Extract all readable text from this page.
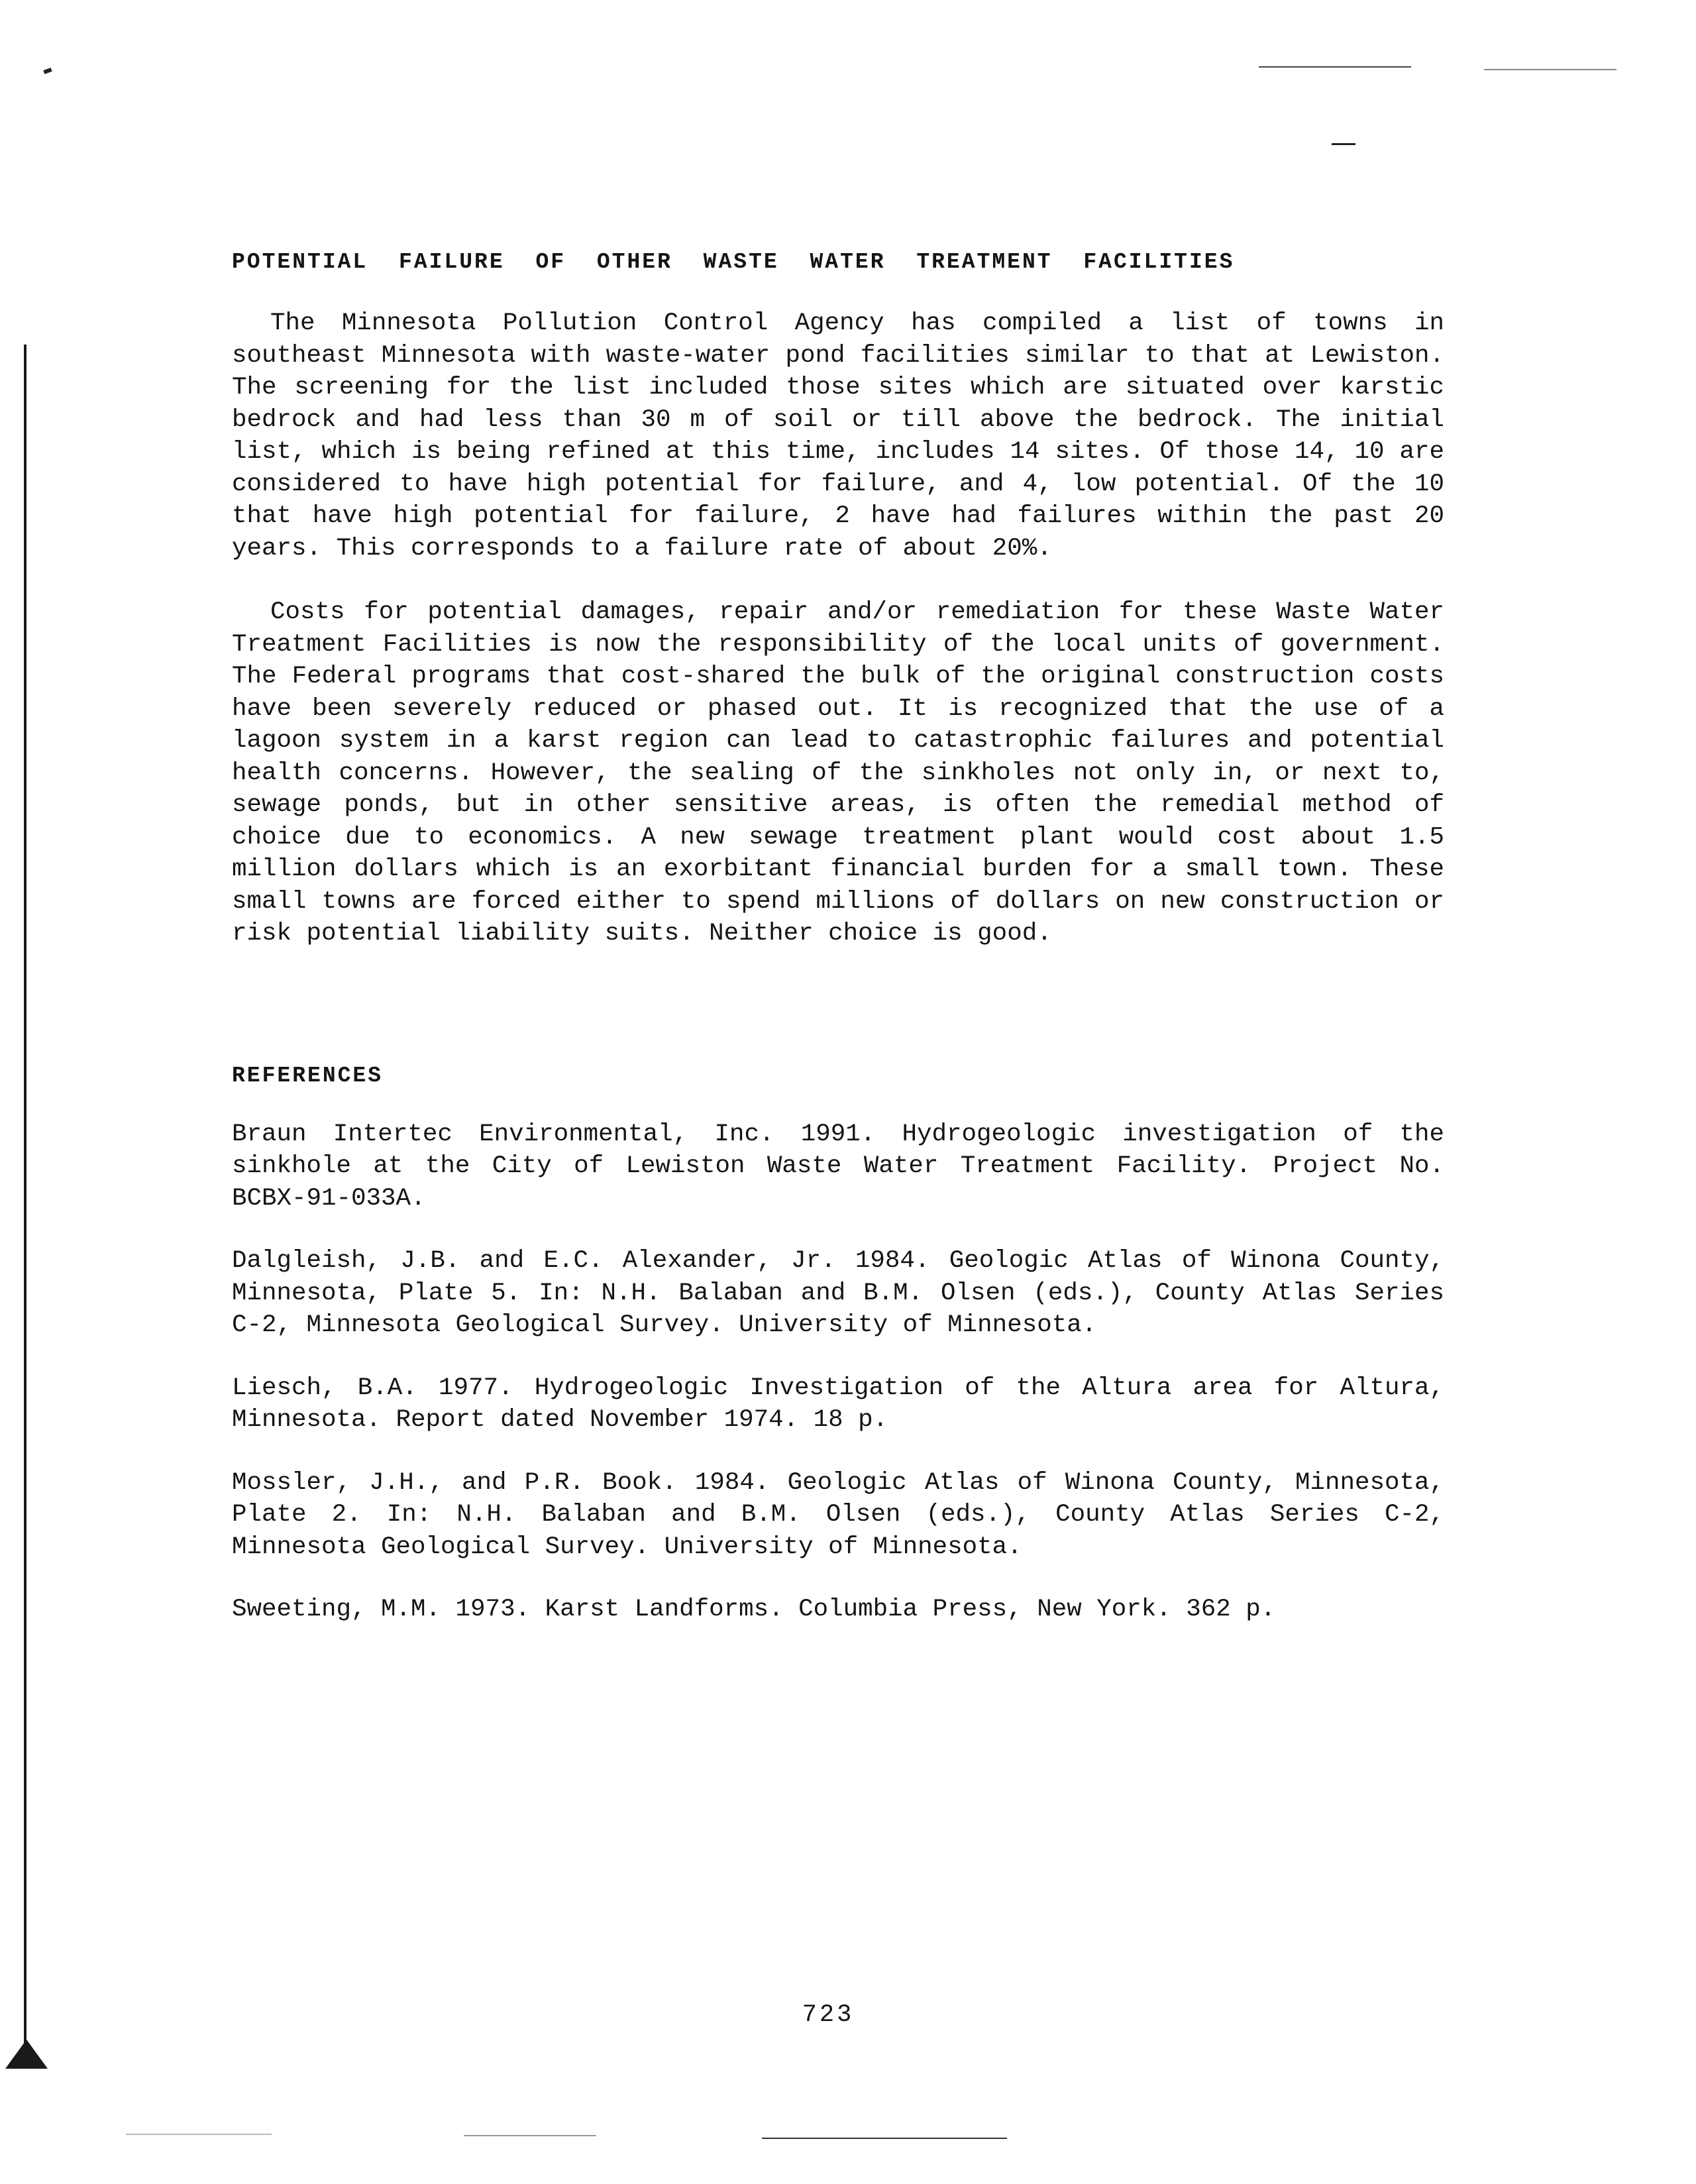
POTENTIAL FAILURE OF OTHER WASTE WATER TREATMENT FACILITIES

The Minnesota Pollution Control Agency has compiled a list of towns in southeast Minnesota with waste-water pond facilities similar to that at Lewiston. The screening for the list included those sites which are situated over karstic bedrock and had less than 30 m of soil or till above the bedrock. The initial list, which is being refined at this time, includes 14 sites. Of those 14, 10 are considered to have high potential for failure, and 4, low potential. Of the 10 that have high potential for failure, 2 have had failures within the past 20 years. This corresponds to a failure rate of about 20%.

Costs for potential damages, repair and/or remediation for these Waste Water Treatment Facilities is now the responsibility of the local units of government. The Federal programs that cost-shared the bulk of the original construction costs have been severely reduced or phased out. It is recognized that the use of a lagoon system in a karst region can lead to catastrophic failures and potential health concerns. However, the sealing of the sinkholes not only in, or next to, sewage ponds, but in other sensitive areas, is often the remedial method of choice due to economics. A new sewage treatment plant would cost about 1.5 million dollars which is an exorbitant financial burden for a small town. These small towns are forced either to spend millions of dollars on new construction or risk potential liability suits. Neither choice is good.

REFERENCES

Braun Intertec Environmental, Inc. 1991. Hydrogeologic investigation of the sinkhole at the City of Lewiston Waste Water Treatment Facility. Project No. BCBX-91-033A.

Dalgleish, J.B. and E.C. Alexander, Jr. 1984. Geologic Atlas of Winona County, Minnesota, Plate 5. In: N.H. Balaban and B.M. Olsen (eds.), County Atlas Series C-2, Minnesota Geological Survey. University of Minnesota.

Liesch, B.A. 1977. Hydrogeologic Investigation of the Altura area for Altura, Minnesota. Report dated November 1974. 18 p.

Mossler, J.H., and P.R. Book. 1984. Geologic Atlas of Winona County, Minnesota, Plate 2. In: N.H. Balaban and B.M. Olsen (eds.), County Atlas Series C-2, Minnesota Geological Survey. University of Minnesota.

Sweeting, M.M. 1973. Karst Landforms. Columbia Press, New York. 362 p.

723
